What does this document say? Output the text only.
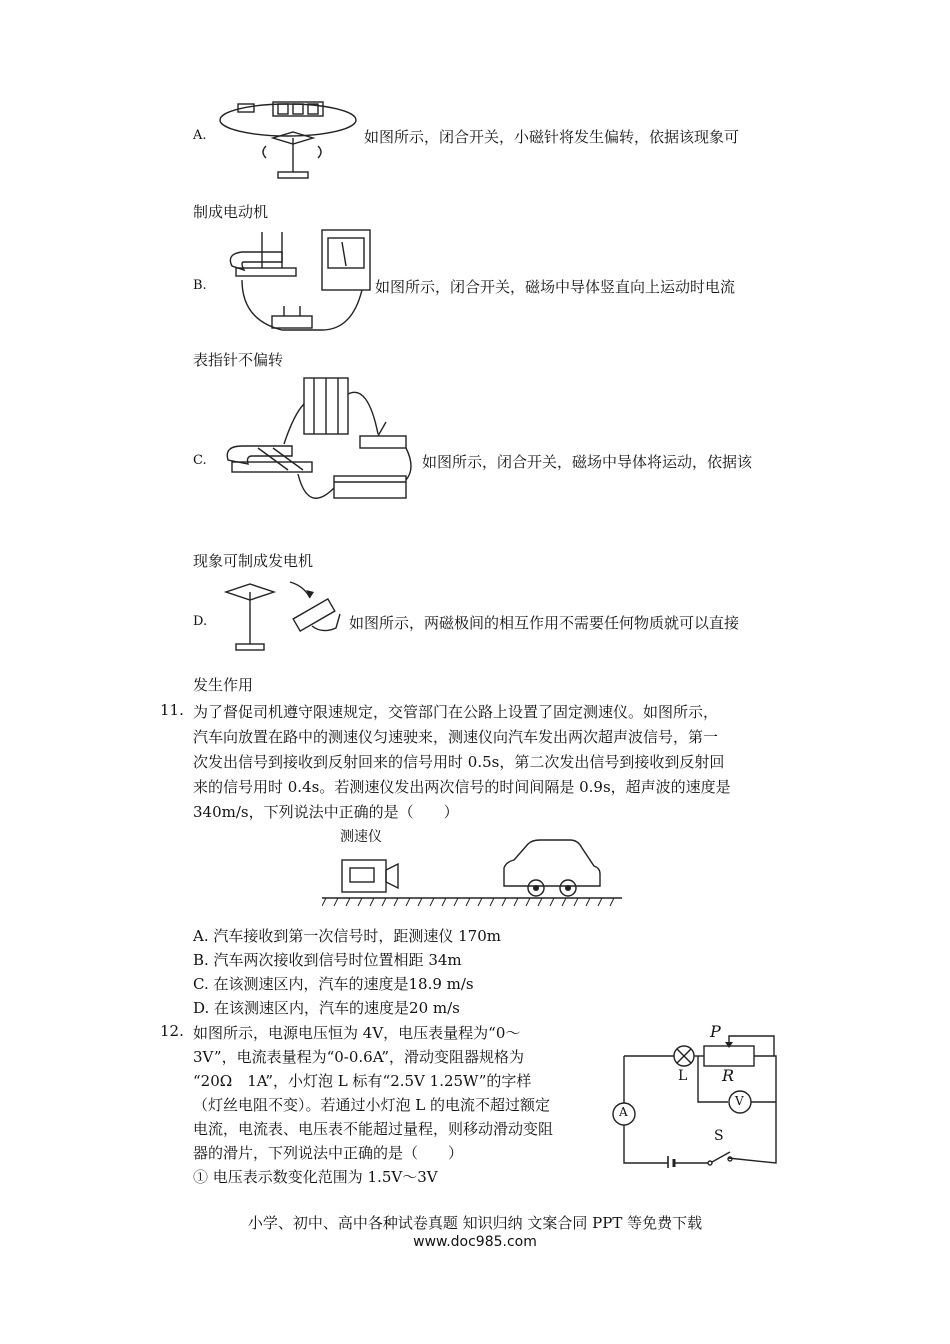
A.	如图所示，闭合开关，小磁针将发生偏转，依据该现象可
制成电动机
B.	如图所示，闭合开关，磁场中导体竖直向上运动时电流
表指针不偏转
C.	如图所示，闭合开关，磁场中导体将运动，依据该
现象可制成发电机
D.	如图所示，两磁极间的相互作用不需要任何物质就可以直接
发生作用
11. 为了督促司机遵守限速规定，交管部门在公路上设置了固定测速仪。如图所示，
汽车向放置在路中的测速仪匀速驶来，测速仪向汽车发出两次超声波信号，第一
次发出信号到接收到反射回来的信号用时 0.5s，第二次发出信号到接收到反射回
来的信号用时 0.4s。若测速仪发出两次信号的时间间隔是 0.9s，超声波的速度是
340m/s，下列说法中正确的是（　　）
测速仪
A. 汽车接收到第一次信号时，距测速仪 170m
B. 汽车两次接收到信号时位置相距 34m
C. 在该测速区内，汽车的速度是18.9 m/s
D. 在该测速区内，汽车的速度是20 m/s
12. 如图所示，电源电压恒为 4V，电压表量程为“0～
3V”，电流表量程为“0-0.6A”，滑动变阻器规格为
“20Ω　1A”，小灯泡 L 标有“2.5V 1.25W”的字样
（灯丝电阻不变）。若通过小灯泡 L 的电流不超过额定
电流，电流表、电压表不能超过量程，则移动滑动变阻
器的滑片，下列说法中正确的是（　　）
① 电压表示数变化范围为 1.5V～3V
P
L R
A
V
S
小学、初中、高中各种试卷真题 知识归纳 文案合同 PPT 等免费下载
www.doc985.com
